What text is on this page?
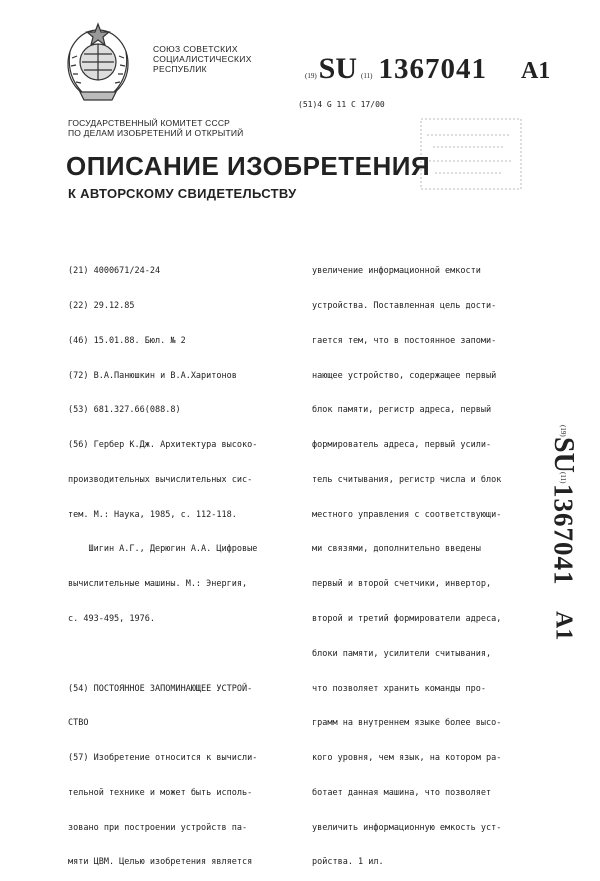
СОЮЗ СОВЕТСКИХ
СОЦИАЛИСТИЧЕСКИХ
РЕСПУБЛИК
(19) SU (11) 1367041 A1
(51)4 G 11 C 17/00
ГОСУДАРСТВЕННЫЙ КОМИТЕТ СССР
ПО ДЕЛАМ ИЗОБРЕТЕНИЙ И ОТКРЫТИЙ
ОПИСАНИЕ ИЗОБРЕТЕНИЯ
К АВТОРСКОМУ СВИДЕТЕЛЬСТВУ

(21) 4000671/24-24

(22) 29.12.85

(46) 15.01.88. Бюл. № 2

(72) В.А.Панюшкин и В.А.Харитонов

(53) 681.327.66(088.8)

(56) Гербер К.Дж. Архитектура высоко-

производительных вычислительных сис-

тем. М.: Наука, 1985, с. 112-118.

Шигин А.Г., Дерюгин А.А. Цифровые

вычислительные машины. М.: Энергия,

с. 493-495, 1976.

(54) ПОСТОЯННОЕ ЗАПОМИНАЮЩЕЕ УСТРОЙ-

СТВО

(57) Изобретение относится к вычисли-

тельной технике и может быть исполь-

зовано при построении устройств па-

мяти ЦВМ. Целью изобретения является

увеличение информационной емкости

устройства. Поставленная цель дости-

гается тем, что в постоянное запоми-

нающее устройство, содержащее первый

блок памяти, регистр адреса, первый

формирователь адреса, первый усили-

тель считывания, регистр числа и блок

местного управления с соответствующи-

ми связями, дополнительно введены

первый и второй счетчики, инвертор,

второй и третий формирователи адреса,

блоки памяти, усилители считывания,

что позволяет хранить команды про-

грамм на внутреннем языке более высо-

кого уровня, чем язык, на котором ра-

ботает данная машина, что позволяет

увеличить информационную емкость уст-

ройства. 1 ил.

(19)
SU
(11)
1367041
A1
